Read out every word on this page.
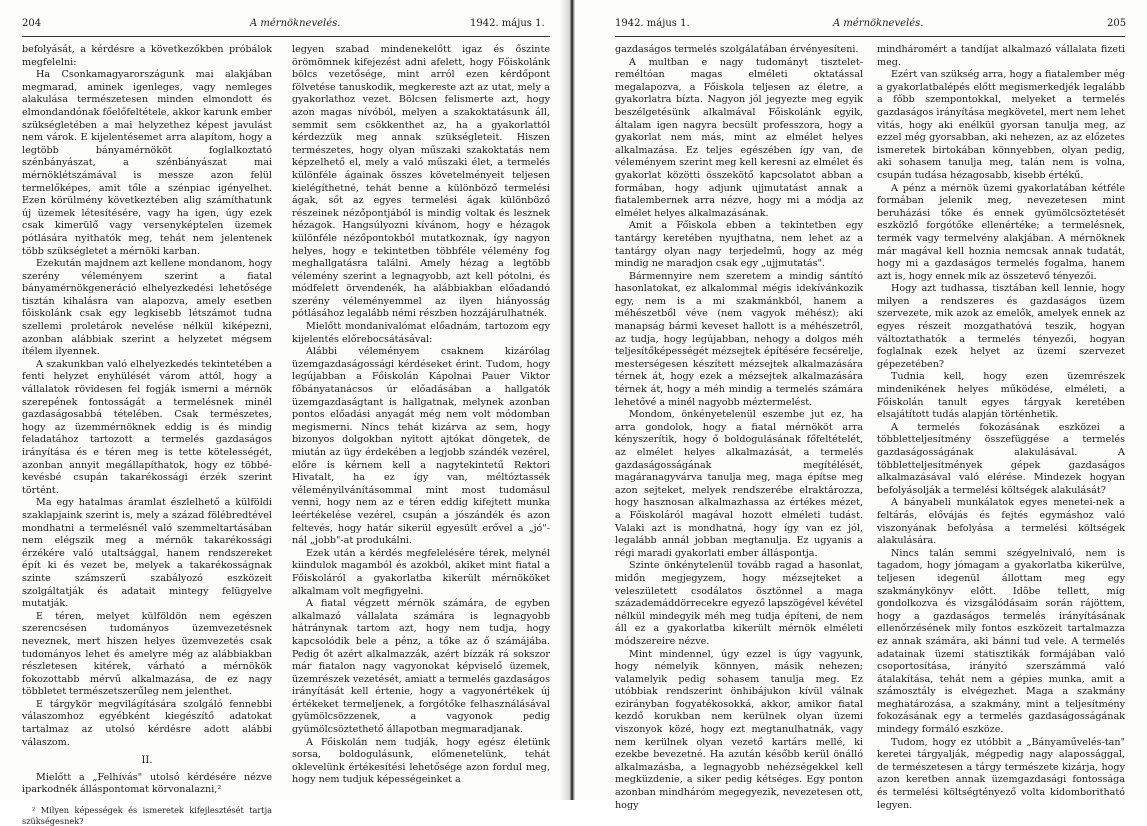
204	A mérnöknevelés.	1942. május 1.

befolyását, a kérdésre a következőkben próbálok megfelelni:

Ha Csonkamagyarországunk mai alakjában megmarad, aminek igenleges, vagy nemleges alakulása természetesen minden elmondott és elmondandónak főelőfeltétele, akkor karunk ember szükségletében a mai helyzethez képest javulást nem várok. E kijelentésemet arra alapítom, hogy a legtöbb bányamérnököt foglalkoztató szénbányászat, a szénbányászat mai mérnöklétszámával is messze azon felül termelőképes, amit tőle a szénpiac igényelhet. Ezen körülmény következtében alig számíthatunk új üzemek létesítésére, vagy ha igen, úgy ezek csak kimerülő vagy versenyképtelen üzemek pótlására nyithatók meg, tehát nem jelentenek több szükségletet a mérnöki karban.

Ezekután majdnem azt kellene mondanom, hogy szerény véleményem szerint a fiatal bányamérnökgeneráció elhelyezkedési lehetősége tisztán kihalásra van alapozva, amely esetben főiskolánk csak egy legkisebb létszámot tudna szellemi proletárok nevelése nélkül kiképezni, azonban alábbiak szerint a helyzetet mégsem ítélem ilyennek.

A szakunkban való elhelyezkedés tekintetében a fenti helyzet enyhülését várom attól, hogy a vállalatok rövidesen fel fogják ismerni a mérnök szerepének fontosságát a termelésnek minél gazdaságosabbá tételében. Csak természetes, hogy az üzemmérnöknek eddig is és mindig feladatához tartozott a termelés gazdaságos irányítása és e téren meg is tette kötelességét, azonban annyit megállapíthatok, hogy ez többé-kevésbé csupán takarékossági érzék szerint történt.

Ma egy hatalmas áramlat észlelhető a külföldi szaklapjaink szerint is, mely a század fölébredtével mondhatni a termelésnél való szemmeltartásában nem elégszik meg a mérnök takarékossági érzékére való utaltsággal, hanem rendszereket épít ki és vezet be, melyek a takarékosságnak szinte számszerű szabályozó eszközeit szolgáltatják és adatait mintegy felügyelve mutatják.

E téren, melyet külföldön nem egészen szerencsésen tudományos üzemvezetésnek neveznek, mert hiszen helyes üzemvezetés csak tudományos lehet és amelyre még az alábbiakban részletesen kitérek, várható a mérnökök fokozottabb mérvű alkalmazása, de ez nagy többletet természetszerűleg nem jelenthet.

E tárgykör megvilágítására szolgáló fennebbi válaszomhoz egyébként kiegészítő adatokat tartalmaz az utolsó kérdésre adott alábbi válaszom.

II.

Mielőtt a „Felhívás" utolsó kérdésére nézve iparkodnék álláspontomat körvonalazni,²

² Milyen képességek és ismeretek kifejlesztését tartja szükségesnek?

legyen szabad mindenekelőtt igaz és őszinte örömömnek kifejezést adni afelett, hogy Főiskolánk bölcs vezetősége, mint arról ezen kérdőpont fölvetése tanuskodik, megkereste azt az utat, mely a gyakorlathoz vezet. Bölcsen felismerte azt, hogy azon magas nívóból, melyen a szakoktatásunk áll, semmit sem csökkenthet az, ha a gyakorlattól kérdezzük meg annak szükségleteit. Hiszen természetes, hogy olyan műszaki szakoktatás nem képzelhető el, mely a való műszaki élet, a termelés különféle ágainak összes követelményeit teljesen kielégíthetné, tehát benne a különböző termelési ágak, sőt az egyes termelési ágak különböző részeinek nézőpontjából is mindig voltak és lesznek hézagok. Hangsúlyozni kívánom, hogy e hézagok különféle nézőpontokból mutatkoznak, így nagyon helyes, hogy e tekintetben többféle vélemény fog meghallgatásra találni. Amely hézag a legtöbb vélemény szerint a legnagyobb, azt kell pótolni, és módfelett örvendenék, ha alábbiakban előadandó szerény véleményemmel az ilyen hiányosság pótlásához legalább némi részben hozzájárulhatnék.

Mielőtt mondanivalómat előadnám, tartozom egy kijelentés előrebocsátásával:

Alábbi véleményem csaknem kizárólag üzemgazdaságossági kérdéseket érint. Tudom, hogy legújabban a Főiskolán Kápolnai Pauer Viktor főbányatanácsos úr előadásában a hallgatók üzemgazdaságtant is hallgatnak, melynek azonban pontos előadási anyagát még nem volt módomban megismerni. Nincs tehát kizárva az sem, hogy bizonyos dolgokban nyitott ajtókat döngetek, de miután az ügy érdekében a legjobb szándék vezérel, előre is kérnem kell a nagytekintetű Rektori Hivatalt, ha ez így van, méltóztassék véleményilvánításommal mint most tudomásul venni, hogy nem az e téren eddig kifejtett munka leértékelése vezérel, csupán a jószándék és azon feltevés, hogy határ sikerül egyesült erővel a „jó"-nál „jobb"-at produkálni.

Ezek után a kérdés megfelelésére térek, melynél kiindulok magamból és azokból, akiket mint fiatal a Főiskoláról a gyakorlatba kikerült mérnököket alkalmam volt megfigyelni.

A fiatal végzett mérnök számára, de egyben alkalmazó vállalata számára is legnagyobb hátránynak tartom azt, hogy nem tudja, hogy kapcsolódik bele a pénz, a tőke az ő számájába. Pedig őt azért alkalmazzák, azért bízzák rá sokszor már fiatalon nagy vagyonokat képviselő üzemek, üzemrészek vezetését, amiatt a termelés gazdaságos irányítását kell értenie, hogy a vagyonértékek új értékeket termeljenek, a forgótőke felhasználásával gyümölcsözzenek, a vagyonok pedig gyümölcsöztethető állapotban megmaradjanak.

A Főiskolán nem tudják, hogy egész életünk sorsa, boldogulásunk, előmenetelünk, tehát oklevelünk értékesítési lehetősége azon fordul meg, hogy nem tudjuk képességeinket a

1942. május 1.	A mérnöknevelés.	205

gazdaságos termelés szolgálatában érvényesíteni.

A multban e nagy tudományt tisztelet-reméltóan magas elméleti oktatással megalapozva, a Főiskola teljesen az életre, a gyakorlatra bízta. Nagyon jól jegyezte meg egyik beszélgetésünk alkalmával Főiskolánk egyik, általam igen nagyra becsült professzora, hogy a gyakorlat nem más, mint az elmélet helyes alkalmazása. Ez teljes egészében így van, de véleményem szerint meg kell keresni az elmélet és gyakorlat közötti összekötő kapcsolatot abban a formában, hogy adjunk ujjmutatást annak a fiatalembernek arra nézve, hogy mi a módja az elmélet helyes alkalmazásának.

Amit a Főiskola ebben a tekintetben egy tantárgy keretében nyujthatna, nem lehet az a tantárgy olyan nagy terjedelmű, hogy az még mindig ne maradjon csak egy „ujjmutatás".

Bármennyire nem szeretem a mindig sántító hasonlatokat, ez alkalommal mégis idekívánkozik egy, nem is a mi szakmánkból, hanem a méhészetből véve (nem vagyok méhész); aki manapság bármi keveset hallott is a méhészetről, az tudja, hogy legújabban, nehogy a dolgos méh teljesítőképességét mézsejtek építésére fecsérelje, mesterségesen készített mézsejtek alkalmazására térnek át, hogy ezek a mézsejtek alkalmazására térnek át, hogy a méh mindig a termelés számára lehetővé a minél nagyobb méztermelést.

Mondom, önkényetelenül eszembe jut ez, ha arra gondolok, hogy a fiatal mérnököt arra kényszerítik, hogy ő boldogulásának főfeltételét, az elmélet helyes alkalmazását, a termelés gazdaságosságának megítélését, magáranagyvárva tanulja meg, maga építse meg azon sejteket, melyek rendszerébe elraktározza, hogy hasznosan alkalmazhassa az értékes mézet, a Főiskoláról magával hozott elméleti tudást. Valaki azt is mondhatná, hogy így van ez jól, legalább annál jobban megtanulja. Ez ugyanis a régi maradi gyakorlati ember álláspontja.

Szinte önkénytelenül tovább ragad a hasonlat, midőn megjegyzem, hogy mézsejteket a veleszületett csodálatos ösztönnel a maga százademáddörrecekre egyező lapszögével kévétel nélkül mindegyik méh meg tudja építeni, de nem áll ez a gyakorlatba kikerült mérnök elméleti módszereire nézve.

Mint mindennel, úgy ezzel is úgy vagyunk, hogy némelyik könnyen, másik nehezen; valamelyik pedig sohasem tanulja meg. Ez utóbbiak rendszerint önhibájukon kívül válnak ezirányban fogyatékosokká, akkor, amikor fiatal kezdő korukban nem kerülnek olyan üzemi viszonyok közé, hogy ezt megtanulhatnák, vagy nem kerülnek olyan vezető kartárs mellé, ki ezekbe bevezetné. Ha azután később kerül önálló alkalmazásba, a legnagyobb nehézségekkel kell megküzdenie, a siker pedig kétséges. Egy ponton azonban mindháróm megegyezik, nevezetesen ott, hogy

mindháromért a tandíjat alkalmazó vállalata fizeti meg.

Ezért van szükség arra, hogy a fiatalember még a gyakorlatbalépés előtt megismerkedjék legalább a főbb szempontokkal, melyeket a termelés gazdaságos irányítása megkövetel, mert nem lehet vitás, hogy aki enélkül gyorsan tanulja meg, az ezzel még gyorsabban, aki nehezen, az az előzetes ismeretek birtokában könnyebben, olyan pedig, aki sohasem tanulja meg, talán nem is volna, csupán tudása hézagosabb, kisebb értékű.

A pénz a mérnök üzemi gyakorlatában kétféle formában jelenik meg, nevezetesen mint beruházási tőke és ennek gyümölcsöztetését eszközlő forgótőke ellenértéke; a termelésnek, termék vagy termelvény alakjában. A mérnöknek már magával kell hoznia nemcsak annak tudatát, hogy mi a gazdaságos termelés fogalma, hanem azt is, hogy ennek mik az összetevő tényezői.

Hogy azt tudhassa, tisztában kell lennie, hogy milyen a rendszeres és gazdaságos üzem szervezete, mik azok az emelők, amelyek ennek az egyes részeit mozgathatóvá teszik, hogyan változtathatók a termelés tényezői, hogyan foglalnak ezek helyet az üzemi szervezet gépezetében?

Tudnia kell, hogy ezen üzemrészek mindenikének helyes működése, elméleti, a Főiskolán tanult egyes tárgyak keretében elsajátított tudás alapján történhetik.

A termelés fokozásának eszközei a többletteljesítmény összefüggése a termelés gazdaságosságának alakulásával. A többletteljesítmények gépek gazdaságos alkalmazásával való elérése. Mindezek hogyan befolyásolják a termelési költségek alakulását?

A bányabeli munkálatok egyes menetei-nek a feltárás, elővájás és fejtés egymáshoz való viszonyának befolyása a termelési költségek alakulására.

Nincs talán semmi szégyelnivaló, nem is tagadom, hogy jómagam a gyakorlatba kikerülve, teljesen idegenül állottam meg egy szakmánykönyv előtt. Idõbe tellett, míg gondolkozva és vizsgálódásaim során rájöttem, hogy a gazdaságos termelés irányításának ellenőrzésének mily fontos eszközeit tartalmazza ez annak számára, aki bánni tud vele. A termelés adatainak üzemi statisztikák formájában való csoportosítása, irányító szerszámmá való átalakítása, tehát nem a gépies munka, amit a számosztály is elvégezhet. Maga a szakmány meghatározása, a szakmány, mint a teljesítmény fokozásának egy a termelés gazdaságosságának mindegy formáló eszköze.

Tudom, hogy ez utóbbit a „Bányaművelés-tan" keretei tárgyalják, mégpedig nagy alapossággal, de természetesen a tárgy természete kizárja, hogy azon keretben annak üzemgazdasági fontossága és termelési költségtényező volta kidomboritható legyen.
